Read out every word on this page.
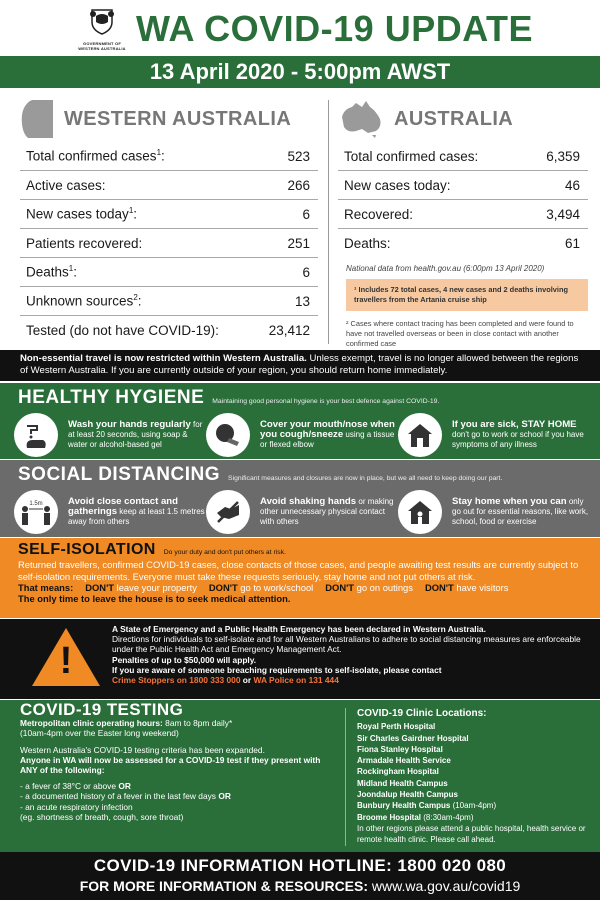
GOVERNMENT OF WESTERN AUSTRALIA WA COVID-19 UPDATE
13 April 2020 - 5:00pm AWST
WESTERN AUSTRALIA
Total confirmed cases$^1$:	523
Active cases:	266
New cases today$^1$:	6
Patients recovered:	251
Deaths$^1$:	6
Unknown sources$^2$:	13
Tested (do not have COVID-19):	23,412
AUSTRALIA
Total confirmed cases:	6,359
New cases today:	46
Recovered:	3,494
Deaths:	61
National data from health.gov.au (6:00pm 13 April 2020)
¹ Includes 72 total cases, 4 new cases and 2 deaths involving travellers from the Artania cruise ship
² Cases where contact tracing has been completed and were found to have not travelled overseas or been in close contact with another confirmed case
Non-essential travel is now restricted within Western Australia. Unless exempt, travel is no longer allowed between the regions of Western Australia. If you are currently outside of your region, you should return home immediately.
HEALTHY HYGIENE Maintaining good personal hygiene is your best defence against COVID-19.
Wash your hands regularly for at least 20 seconds, using soap & water or alcohol-based gel
Cover your mouth/nose when you cough/sneeze using a tissue or flexed elbow
If you are sick, STAY HOME don't go to work or school if you have symptoms of any illness
SOCIAL DISTANCING Significant measures and closures are now in place, but we all need to keep doing our part.
1.5m	Avoid close contact and gatherings keep at least 1.5 metres away from others
Avoid shaking hands or making other unnecessary physical contact with others
Stay home when you can only go out for essential reasons, like work, school, food or exercise
SELF-ISOLATION Do your duty and don't put others at risk.

Returned travellers, confirmed COVID-19 cases, close contacts of those cases, and people awaiting test results are currently subject to self-isolation requirements. Everyone must take these requests seriously, stay home and not put others at risk.

That means: DON'T leave your property DON'T go to work/school DON'T go on outings DON'T have visitors
The only time to leave the house is to seek medical attention.
!
A State of Emergency and a Public Health Emergency has been declared in Western Australia.
Directions for individuals to self-isolate and for all Western Australians to adhere to social distancing measures are enforceable under the Public Health Act and Emergency Management Act.
Penalties of up to $50,000 will apply.
If you are aware of someone breaching requirements to self-isolate, please contact
Crime Stoppers on 1800 333 000 or WA Police on 131 444
COVID-19 TESTING
Metropolitan clinic operating hours: 8am to 8pm daily*
(10am-4pm over the Easter long weekend)
Western Australia's COVID-19 testing criteria has been expanded.
Anyone in WA will now be assessed for a COVID-19 test if they present with ANY of the following:
- a fever of 38°C or above OR
- a documented history of a fever in the last few days OR
- an acute respiratory infection
(eg. shortness of breath, cough, sore throat)
COVID-19 Clinic Locations:
Royal Perth Hospital
Sir Charles Gairdner Hospital
Fiona Stanley Hospital
Armadale Health Service
Rockingham Hospital
Midland Health Campus
Joondalup Health Campus
Bunbury Health Campus (10am-4pm)
Broome Hospital (8:30am-4pm)
In other regions please attend a public hospital, health service or remote health clinic. Please call ahead.
COVID-19 INFORMATION HOTLINE: 1800 020 080
FOR MORE INFORMATION & RESOURCES: www.wa.gov.au/covid19
